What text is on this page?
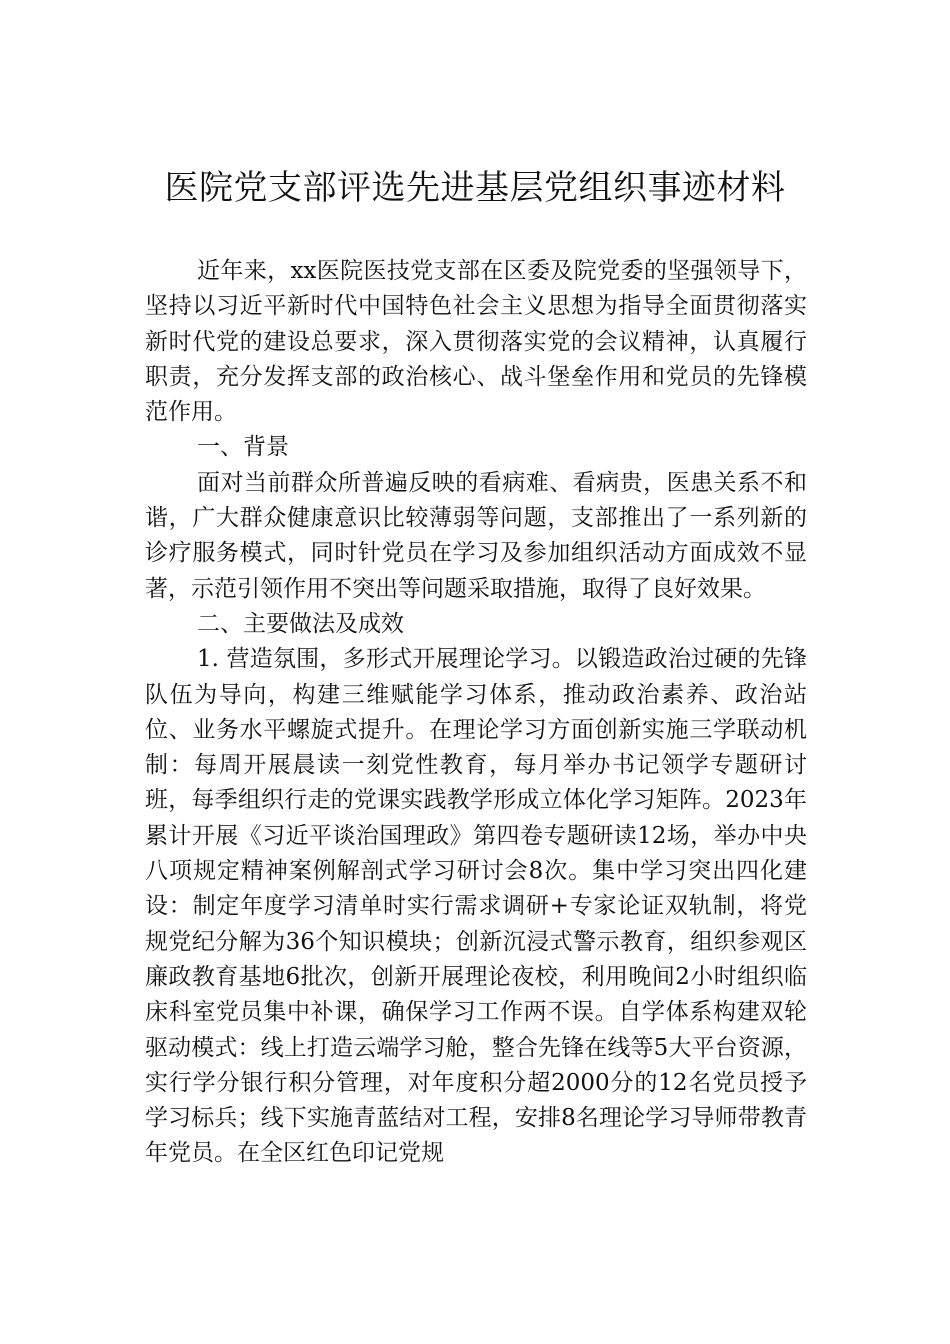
医院党支部评选先进基层党组织事迹材料

近年来，xx医院医技党支部在区委及院党委的坚强领导下，坚持以习近平新时代中国特色社会主义思想为指导全面贯彻落实新时代党的建设总要求，深入贯彻落实党的会议精神，认真履行职责，充分发挥支部的政治核心、战斗堡垒作用和党员的先锋模范作用。

一、背景

面对当前群众所普遍反映的看病难、看病贵，医患关系不和谐，广大群众健康意识比较薄弱等问题，支部推出了一系列新的诊疗服务模式，同时针党员在学习及参加组织活动方面成效不显著，示范引领作用不突出等问题采取措施，取得了良好效果。

二、主要做法及成效

1. 营造氛围，多形式开展理论学习。以锻造政治过硬的先锋队伍为导向，构建三维赋能学习体系，推动政治素养、政治站位、业务水平螺旋式提升。在理论学习方面创新实施三学联动机制：每周开展晨读一刻党性教育，每月举办书记领学专题研讨班，每季组织行走的党课实践教学形成立体化学习矩阵。2023年累计开展《习近平谈治国理政》第四卷专题研读12场，举办中央八项规定精神案例解剖式学习研讨会8次。集中学习突出四化建设：制定年度学习清单时实行需求调研+专家论证双轨制，将党规党纪分解为36个知识模块；创新沉浸式警示教育，组织参观区廉政教育基地6批次，创新开展理论夜校，利用晚间2小时组织临床科室党员集中补课，确保学习工作两不误。自学体系构建双轮驱动模式：线上打造云端学习舱，整合先锋在线等5大平台资源，实行学分银行积分管理，对年度积分超2000分的12名党员授予学习标兵；线下实施青蓝结对工程，安排8名理论学习导师带教青年党员。在全区红色印记党规
